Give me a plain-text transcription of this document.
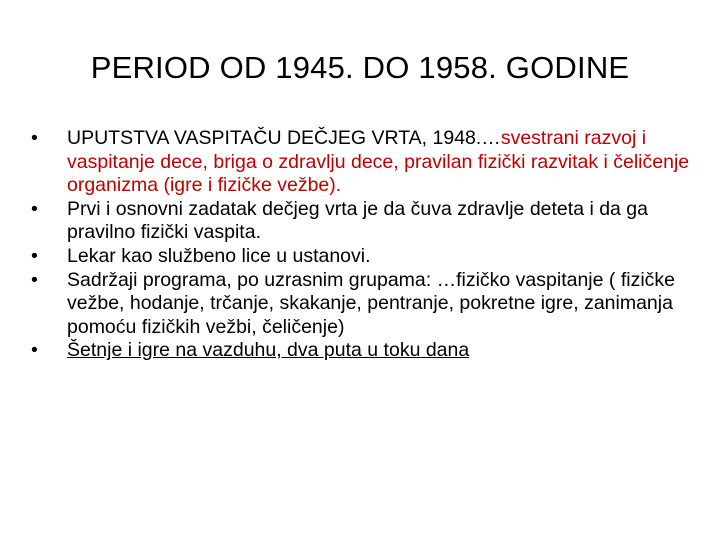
PERIOD OD 1945. DO 1958. GODINE
• UPUTSTVA VASPITAČU DEČJEG VRTA, 1948.…svestrani razvoj i vaspitanje dece, briga o zdravlju dece, pravilan fizički razvitak i čeličenje organizma (igre i fizičke vežbe).
• Prvi i osnovni zadatak dečjeg vrta je da čuva zdravlje deteta i da ga pravilno fizički vaspita.
• Lekar kao službeno lice u ustanovi.
• Sadržaji programa, po uzrasnim grupama: …fizičko vaspitanje ( fizičke vežbe, hodanje, trčanje, skakanje, pentranje, pokretne igre, zanimanja pomoću fizičkih vežbi, čeličenje)
• Šetnje i igre na vazduhu, dva puta u toku dana
